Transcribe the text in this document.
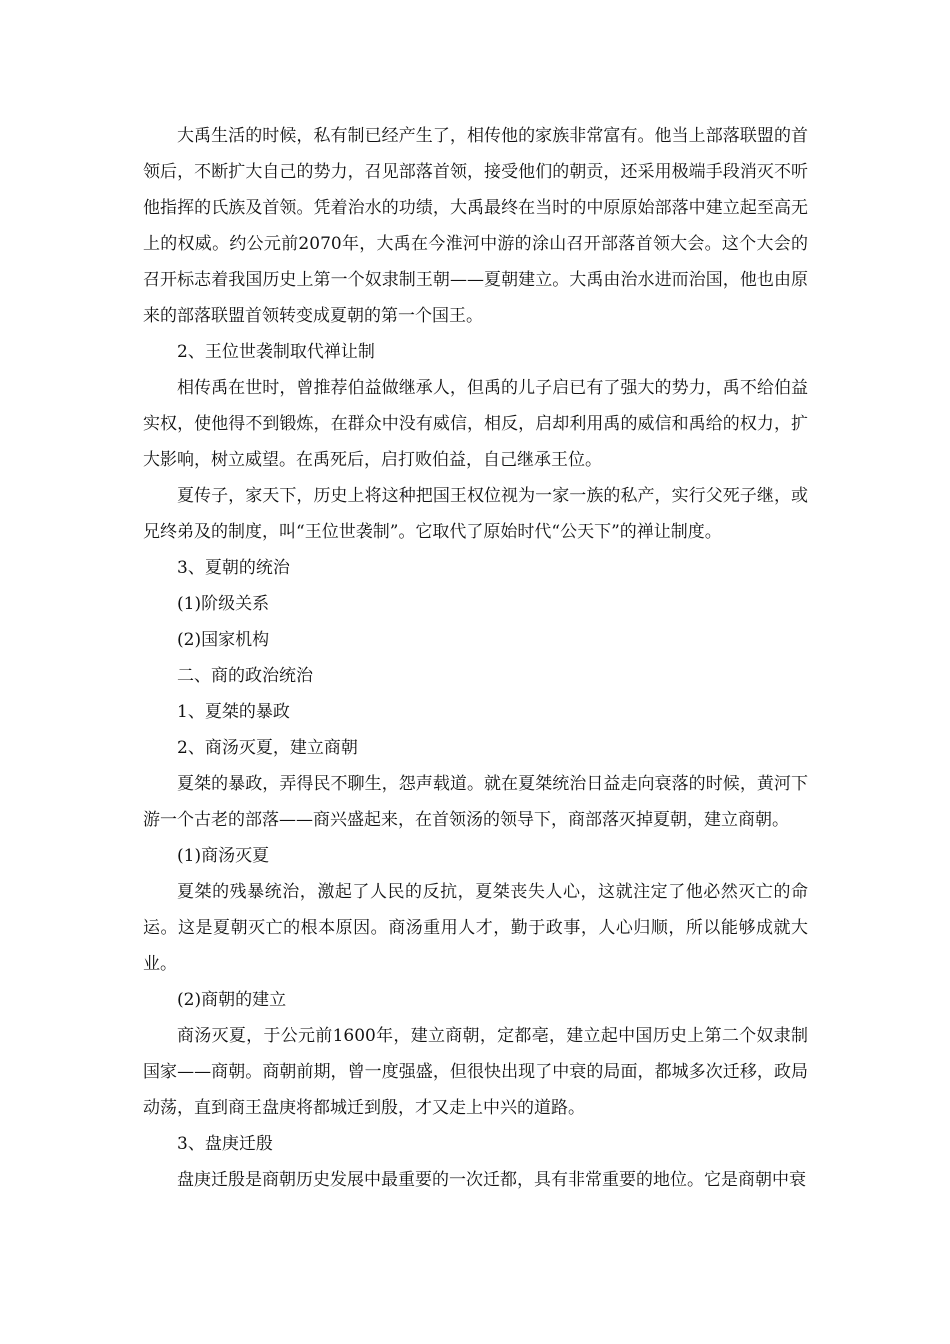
大禹生活的时候，私有制已经产生了，相传他的家族非常富有。他当上部落联盟的首领后，不断扩大自己的势力，召见部落首领，接受他们的朝贡，还采用极端手段消灭不听他指挥的氏族及首领。凭着治水的功绩，大禹最终在当时的中原原始部落中建立起至高无上的权威。约公元前2070年，大禹在今淮河中游的涂山召开部落首领大会。这个大会的召开标志着我国历史上第一个奴隶制王朝——夏朝建立。大禹由治水进而治国，他也由原来的部落联盟首领转变成夏朝的第一个国王。

2、王位世袭制取代禅让制

相传禹在世时，曾推荐伯益做继承人，但禹的儿子启已有了强大的势力，禹不给伯益实权，使他得不到锻炼，在群众中没有威信，相反，启却利用禹的威信和禹给的权力，扩大影响，树立威望。在禹死后，启打败伯益，自己继承王位。

夏传子，家天下，历史上将这种把国王权位视为一家一族的私产，实行父死子继，或兄终弟及的制度，叫“王位世袭制”。它取代了原始时代“公天下”的禅让制度。

3、夏朝的统治

(1)阶级关系

(2)国家机构

二、商的政治统治

1、夏桀的暴政

2、商汤灭夏，建立商朝

夏桀的暴政，弄得民不聊生，怨声载道。就在夏桀统治日益走向衰落的时候，黄河下游一个古老的部落——商兴盛起来，在首领汤的领导下，商部落灭掉夏朝，建立商朝。

(1)商汤灭夏

夏桀的残暴统治，激起了人民的反抗，夏桀丧失人心，这就注定了他必然灭亡的命运。这是夏朝灭亡的根本原因。商汤重用人才，勤于政事，人心归顺，所以能够成就大业。

(2)商朝的建立

商汤灭夏，于公元前1600年，建立商朝，定都亳，建立起中国历史上第二个奴隶制国家——商朝。商朝前期，曾一度强盛，但很快出现了中衰的局面，都城多次迁移，政局动荡，直到商王盘庚将都城迁到殷，才又走上中兴的道路。

3、盘庚迁殷

盘庚迁殷是商朝历史发展中最重要的一次迁都，具有非常重要的地位。它是商朝中衰
